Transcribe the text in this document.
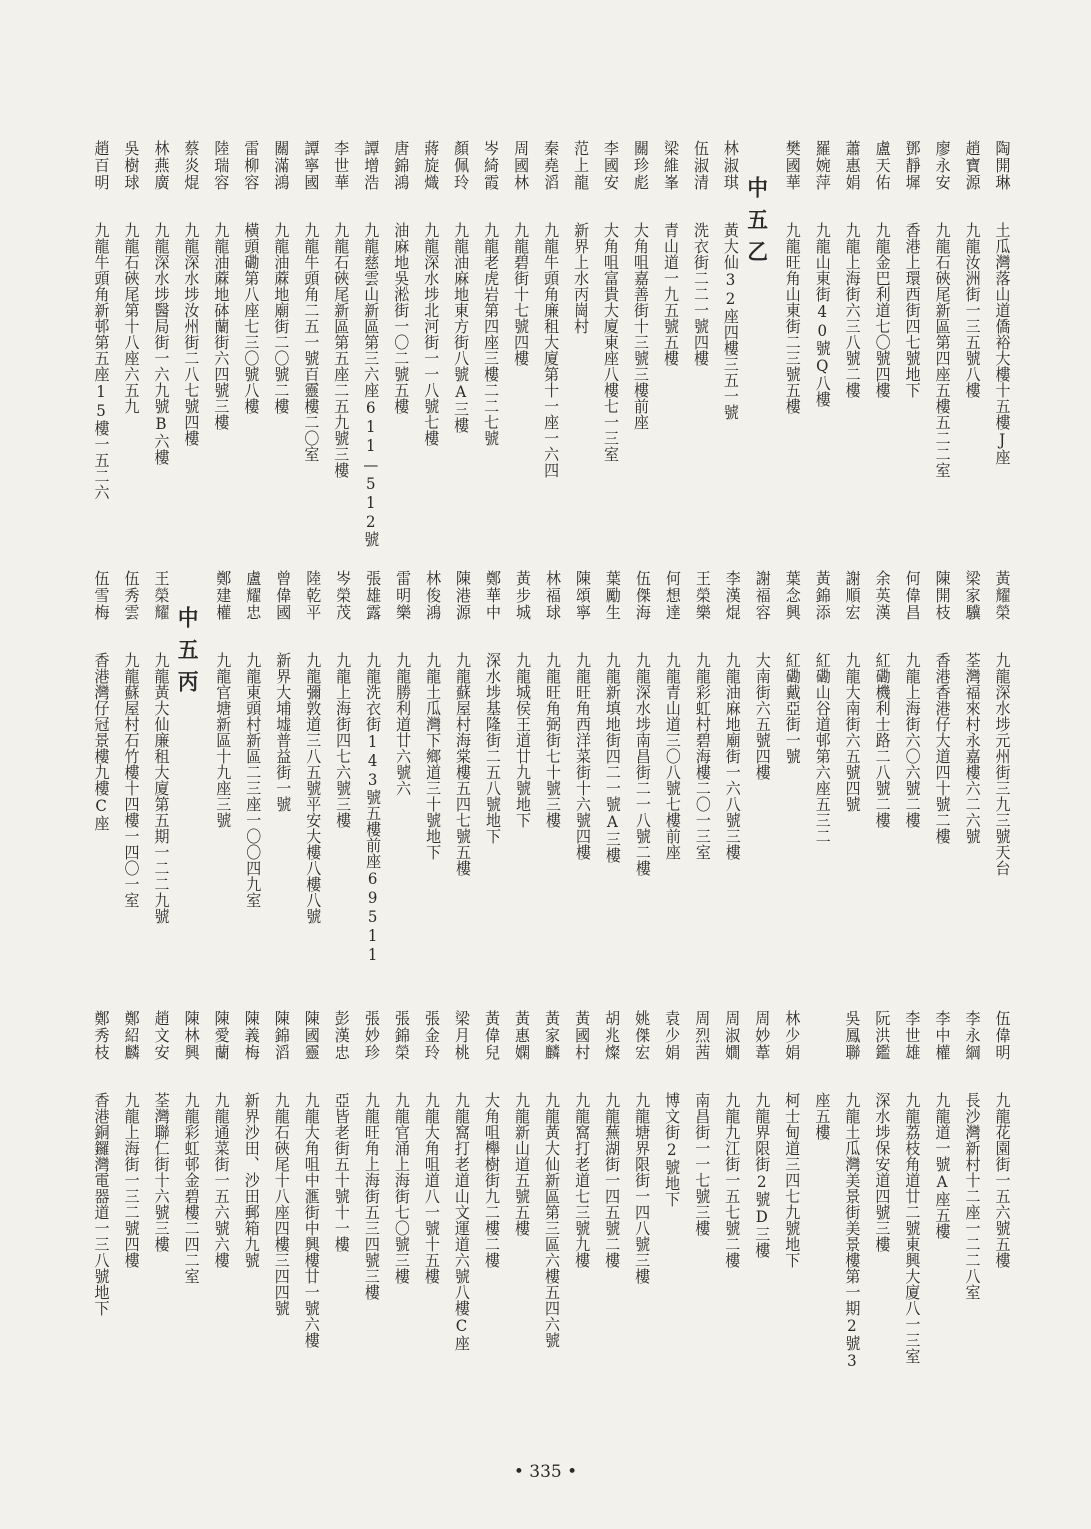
陶開琳土瓜灣落山道僑裕大樓十五樓J座
趙寶源九龍汝洲街一三五號八樓
廖永安九龍石硤尾新區第四座五樓五二二室
鄧靜墀香港上環西街四七號地下
盧天佑九龍金巴利道七〇號四樓
蕭惠娟九龍上海街六三八號二樓
羅婉萍九龍山東街40號Q八樓
樊國華九龍旺角山東街二三號五樓
中五乙
林淑琪黃大仙32座四樓三五一號
伍淑清洗衣街二二一號四樓
梁維峯青山道一九五號五樓
關珍彪大角咀嘉善街十三號三樓前座
李國安大角咀富貴大廈東座八樓七一三室
范上龍新界上水丙崗村
秦堯滔九龍牛頭角廉租大廈第十一座一六四
周國林九龍碧街十七號四樓
岑綺霞九龍老虎岩第四座三樓二二七號
顏佩玲九龍油麻地東方街八號A三樓
蔣旋熾九龍深水埗北河街一一八號七樓
唐錦鴻油麻地吳淞街一〇二號五樓
譚增浩九龍慈雲山新區第三六座611—512號
李世華九龍石硤尾新區第五座二五九號三樓
譚寧國九龍牛頭角二五一號百靈樓二〇室
關滿鴻九龍油蔴地廟街二〇號二樓
雷柳容橫頭磡第八座七三〇號八樓
陸瑞容九龍油蔴地砵蘭街六四號三樓
蔡炎焜九龍深水埗汝州街二八七號四樓
林燕廣九龍深水埗醫局街一六九號B六樓
吳樹球九龍石硤尾第十八座六五九
趙百明九龍牛頭角新邨第五座15樓一五二六
黃耀榮九龍深水埗元州街三九三號天台
梁家驥荃灣福來村永嘉樓六二六號
陳開枝香港香港仔大道四十號二樓
何偉昌九龍上海街六〇六號二樓
余英漢紅磡機利士路二八號二樓
謝順宏九龍大南街六五號四號
黃錦添紅磡山谷道邨第六座五三二
葉念興紅磡戴亞街一號
謝福容大南街六五號四樓
李漢焜九龍油麻地廟街一六八號三樓
王榮樂九龍彩虹村碧海樓二〇一三室
何想達九龍青山道三〇八號七樓前座
伍傑海九龍深水埗南昌街二一八號二樓
葉勵生九龍新填地街四二一號A三樓
陳頌寧九龍旺角西洋菜街十六號四樓
林福球九龍旺角弼街七十號三樓
黃步城九龍城侯王道廿九號地下
鄭華中深水埗基隆街二五八號地下
陳港源九龍蘇屋村海棠樓五四七號五樓
林俊鴻九龍土瓜灣下鄉道三十號地下
雷明樂九龍勝利道廿六號六
張雄露九龍洗衣街143號五樓前座69511
岑榮茂九龍上海街四七六號三樓
陸乾平九龍彌敦道三八五號平安大樓八樓八號
曾偉國新界大埔墟普益街一號
盧耀忠九龍東頭村新區二三座一〇〇四九室
鄭建權九龍官塘新區十九座三號
中五丙
王榮耀九龍黃大仙廉租大廈第五期一二二九號
伍秀雲九龍蘇屋村石竹樓十四樓一四〇一室
伍雪梅香港灣仔冠景樓九樓C座
伍偉明九龍花園街一五六號五樓
李永綱長沙灣新村十二座一二二八室
李中權九龍道一號A座五樓
李世雄九龍荔枝角道廿二號東興大廈八一三室
阮洪鑑深水埗保安道四號三樓
吳鳳聯九龍土瓜灣美景街美景樓第一期2號3
座五樓
林少娟柯士甸道三四七九號地下
周妙葦九龍界限街2號D三樓
周淑嫺九龍九江街一五七號二樓
周烈茜南昌街一一七號三樓
袁少娟博文街2號地下
姚傑宏九龍塘界限街一四八號三樓
胡兆燦九龍蕪湖街一四五號二樓
黃國村九龍窩打老道七三號九樓
黃家麟九龍黃大仙新區第三區六樓五四六號
黃惠嫻九龍新山道五號五樓
黃偉兒大角咀櫸樹街九二樓二樓
梁月桃九龍窩打老道山文運道六號八樓C座
張金玲九龍大角咀道八一號十五樓
張錦榮九龍官涌上海街七〇號三樓
張妙珍九龍旺角上海街五三四號三樓
彭漢忠亞皆老街五十號十一樓
陳國靈九龍大角咀中滙街中興樓廿一號六樓
陳錦滔九龍石硤尾十八座四樓三四四號
陳義梅新界沙田、沙田郵箱九號
陳愛蘭九龍通菜街一五六號六樓
陳林興九龍彩虹邨金碧樓二四二室
趙文安荃灣聯仁街十六號三樓
鄭紹麟九龍上海街一三二號四樓
鄭秀枝香港銅鑼灣電器道一三八號地下
• 335 •
